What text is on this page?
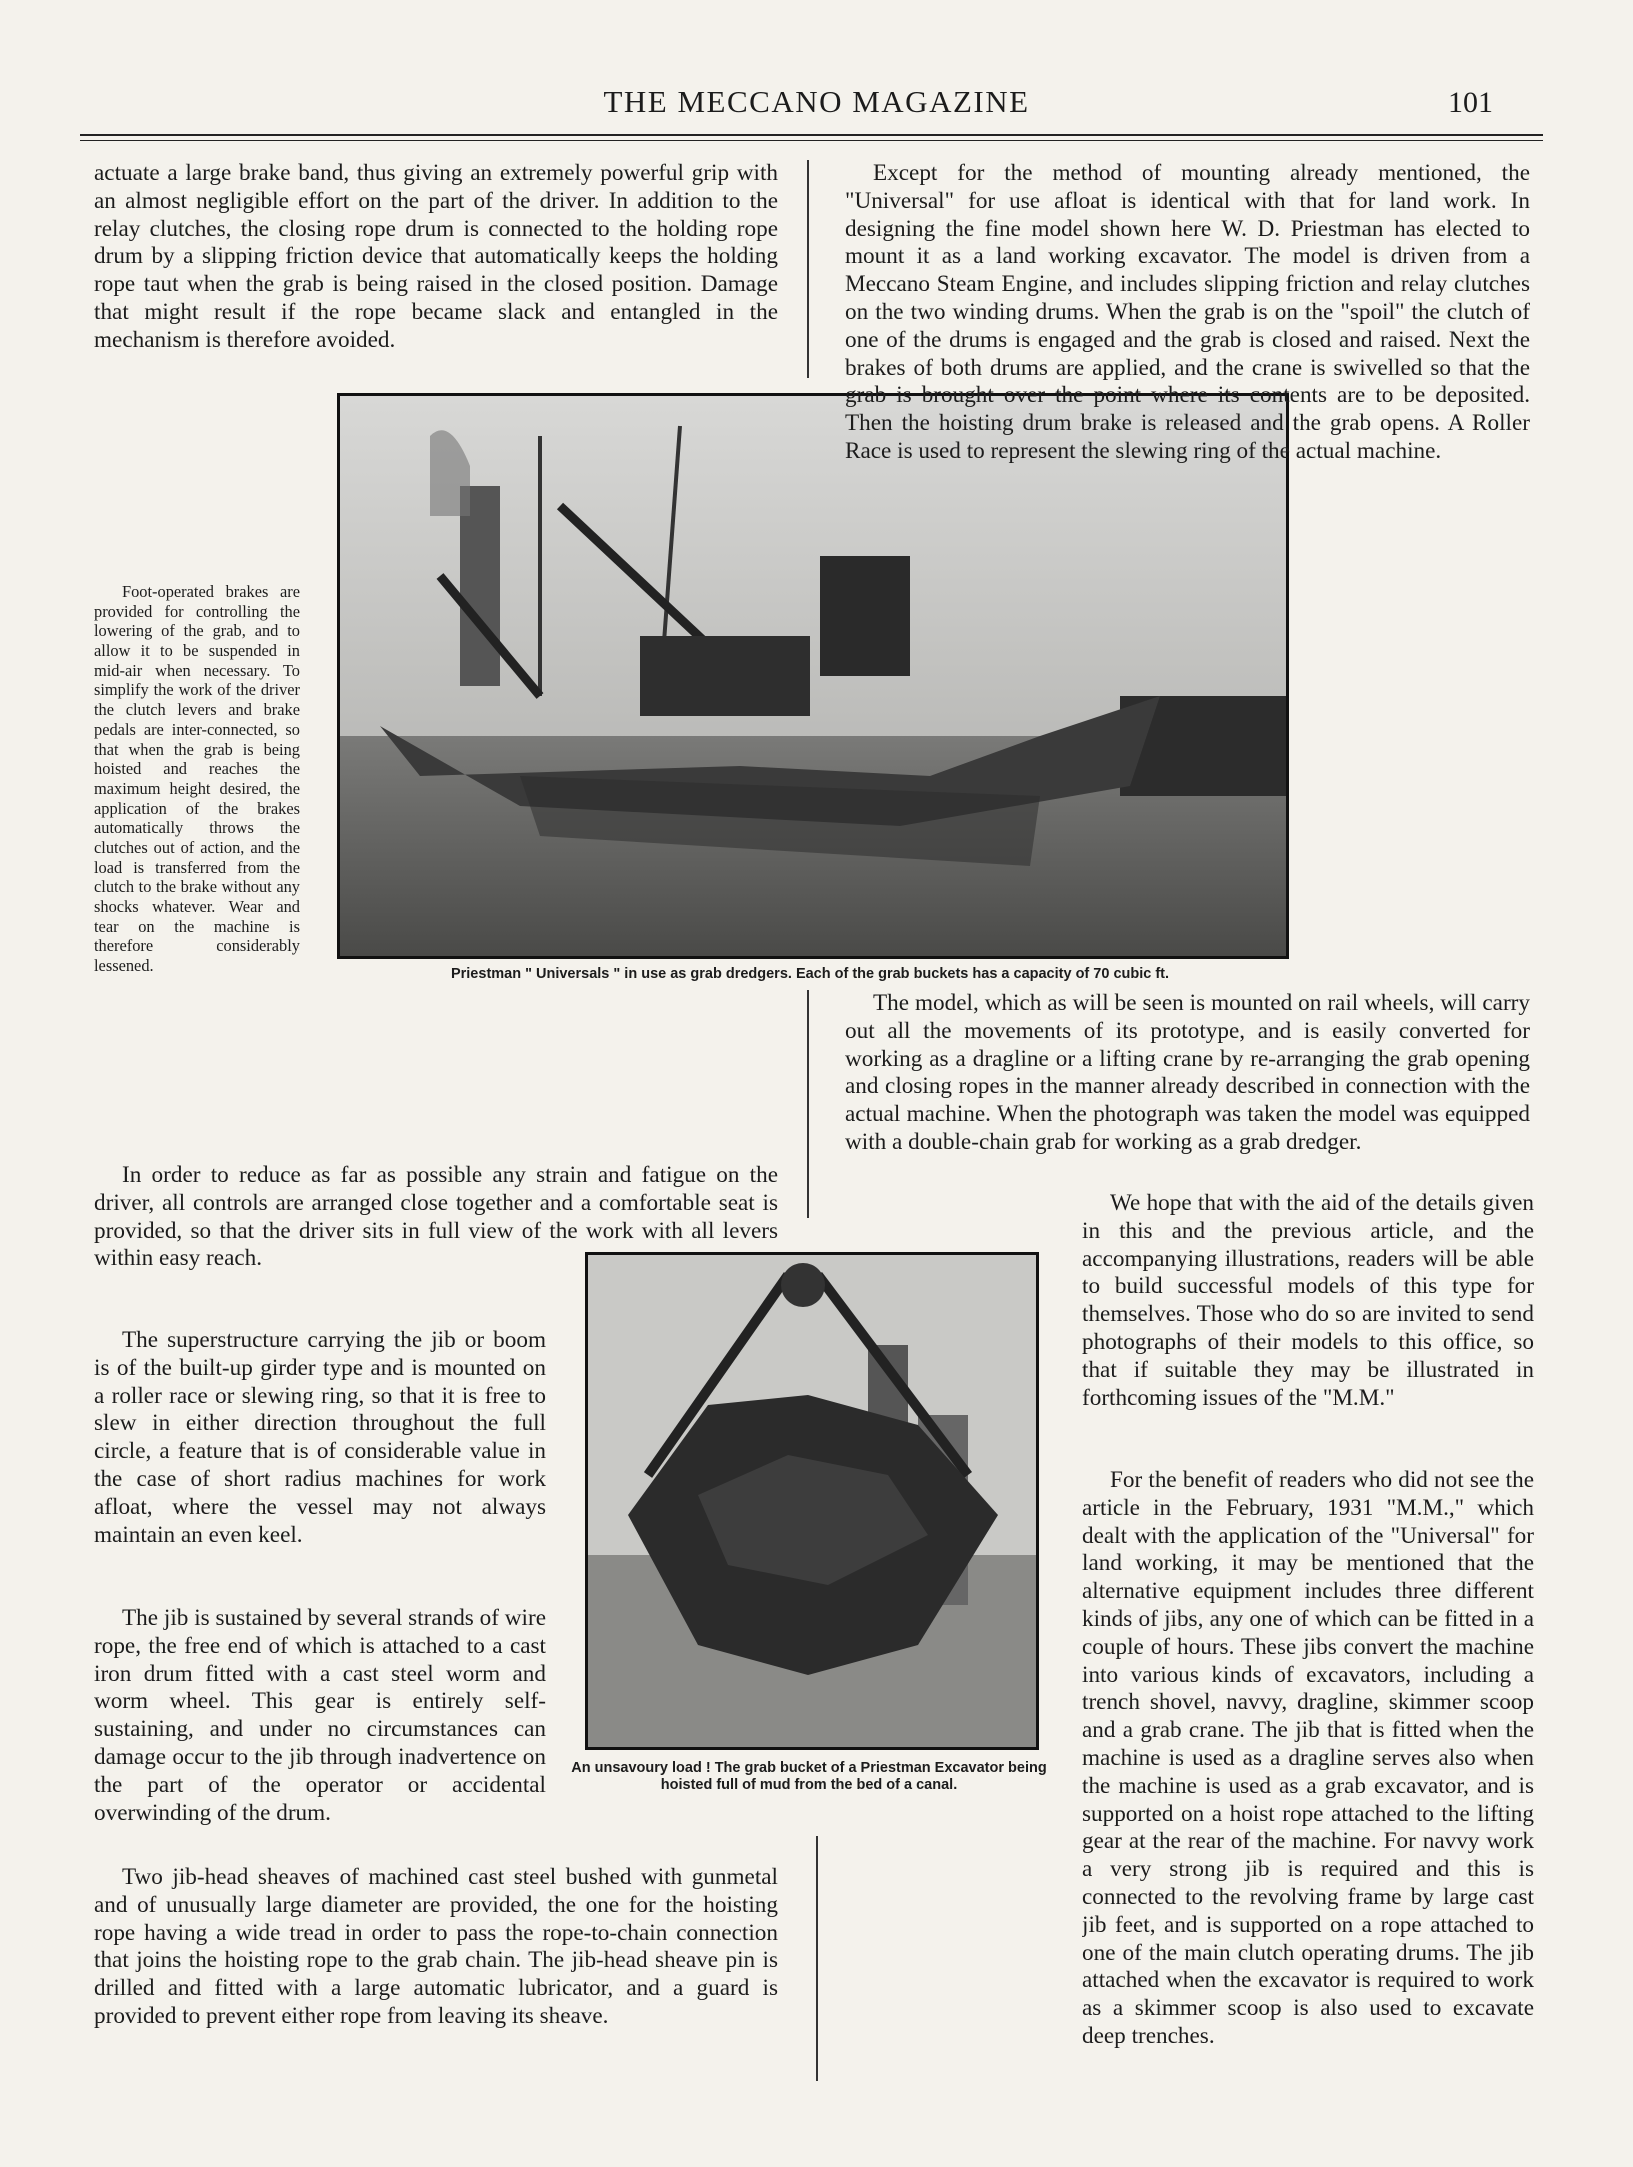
THE MECCANO MAGAZINE	101

actuate a large brake band, thus giving an extremely powerful grip with an almost negligible effort on the part of the driver. In addition to the relay clutches, the closing rope drum is connected to the holding rope drum by a slipping friction device that automatically keeps the holding rope taut when the grab is being raised in the closed position. Damage that might result if the rope became slack and entangled in the mechanism is therefore avoided.

Priestman " Universals " in use as grab dredgers. Each of the grab buckets has a capacity of 70 cubic ft.

Foot-operated brakes are provided for controlling the lowering of the grab, and to allow it to be suspended in mid-air when necessary. To simplify the work of the driver the clutch levers and brake pedals are inter-connected, so that when the grab is being hoisted and reaches the maximum height desired, the application of the brakes automatically throws the clutches out of action, and the load is transferred from the clutch to the brake without any shocks whatever. Wear and tear on the machine is therefore considerably lessened.

In order to reduce as far as possible any strain and fatigue on the driver, all controls are arranged close together and a comfortable seat is provided, so that the driver sits in full view of the work with all levers within easy reach.

The superstructure carrying the jib or boom is of the built-up girder type and is mounted on a roller race or slewing ring, so that it is free to slew in either direction throughout the full circle, a feature that is of considerable value in the case of short radius machines for work afloat, where the vessel may not always maintain an even keel.

The jib is sustained by several strands of wire rope, the free end of which is attached to a cast iron drum fitted with a cast steel worm and worm wheel. This gear is entirely self-sustaining, and under no circumstances can damage occur to the jib through inadvertence on the part of the operator or accidental overwinding of the drum.

Two jib-head sheaves of machined cast steel bushed with gunmetal and of unusually large diameter are provided, the one for the hoisting rope having a wide tread in order to pass the rope-to-chain connection that joins the hoisting rope to the grab chain. The jib-head sheave pin is drilled and fitted with a large automatic lubricator, and a guard is provided to prevent either rope from leaving its sheave.

An unsavoury load ! The grab bucket of a Priestman Excavator being hoisted full of mud from the bed of a canal.

Except for the method of mounting already mentioned, the "Universal" for use afloat is identical with that for land work. In designing the fine model shown here W. D. Priestman has elected to mount it as a land working excavator. The model is driven from a Meccano Steam Engine, and includes slipping friction and relay clutches on the two winding drums. When the grab is on the "spoil" the clutch of one of the drums is engaged and the grab is closed and raised. Next the brakes of both drums are applied, and the crane is swivelled so that the grab is brought over the point where its contents are to be deposited. Then the hoisting drum brake is released and the grab opens. A Roller Race is used to represent the slewing ring of the actual machine.

The model, which as will be seen is mounted on rail wheels, will carry out all the movements of its prototype, and is easily converted for working as a dragline or a lifting crane by re-arranging the grab opening and closing ropes in the manner already described in connection with the actual machine. When the photograph was taken the model was equipped with a double-chain grab for working as a grab dredger.

We hope that with the aid of the details given in this and the previous article, and the accompanying illustrations, readers will be able to build successful models of this type for themselves. Those who do so are invited to send photographs of their models to this office, so that if suitable they may be illustrated in forthcoming issues of the "M.M."

For the benefit of readers who did not see the article in the February, 1931 "M.M.," which dealt with the application of the "Universal" for land working, it may be mentioned that the alternative equipment includes three different kinds of jibs, any one of which can be fitted in a couple of hours. These jibs convert the machine into various kinds of excavators, including a trench shovel, navvy, dragline, skimmer scoop and a grab crane. The jib that is fitted when the machine is used as a dragline serves also when the machine is used as a grab excavator, and is supported on a hoist rope attached to the lifting gear at the rear of the machine. For navvy work a very strong jib is required and this is connected to the revolving frame by large cast jib feet, and is supported on a rope attached to one of the main clutch operating drums. The jib attached when the excavator is required to work as a skimmer scoop is also used to excavate deep trenches.
